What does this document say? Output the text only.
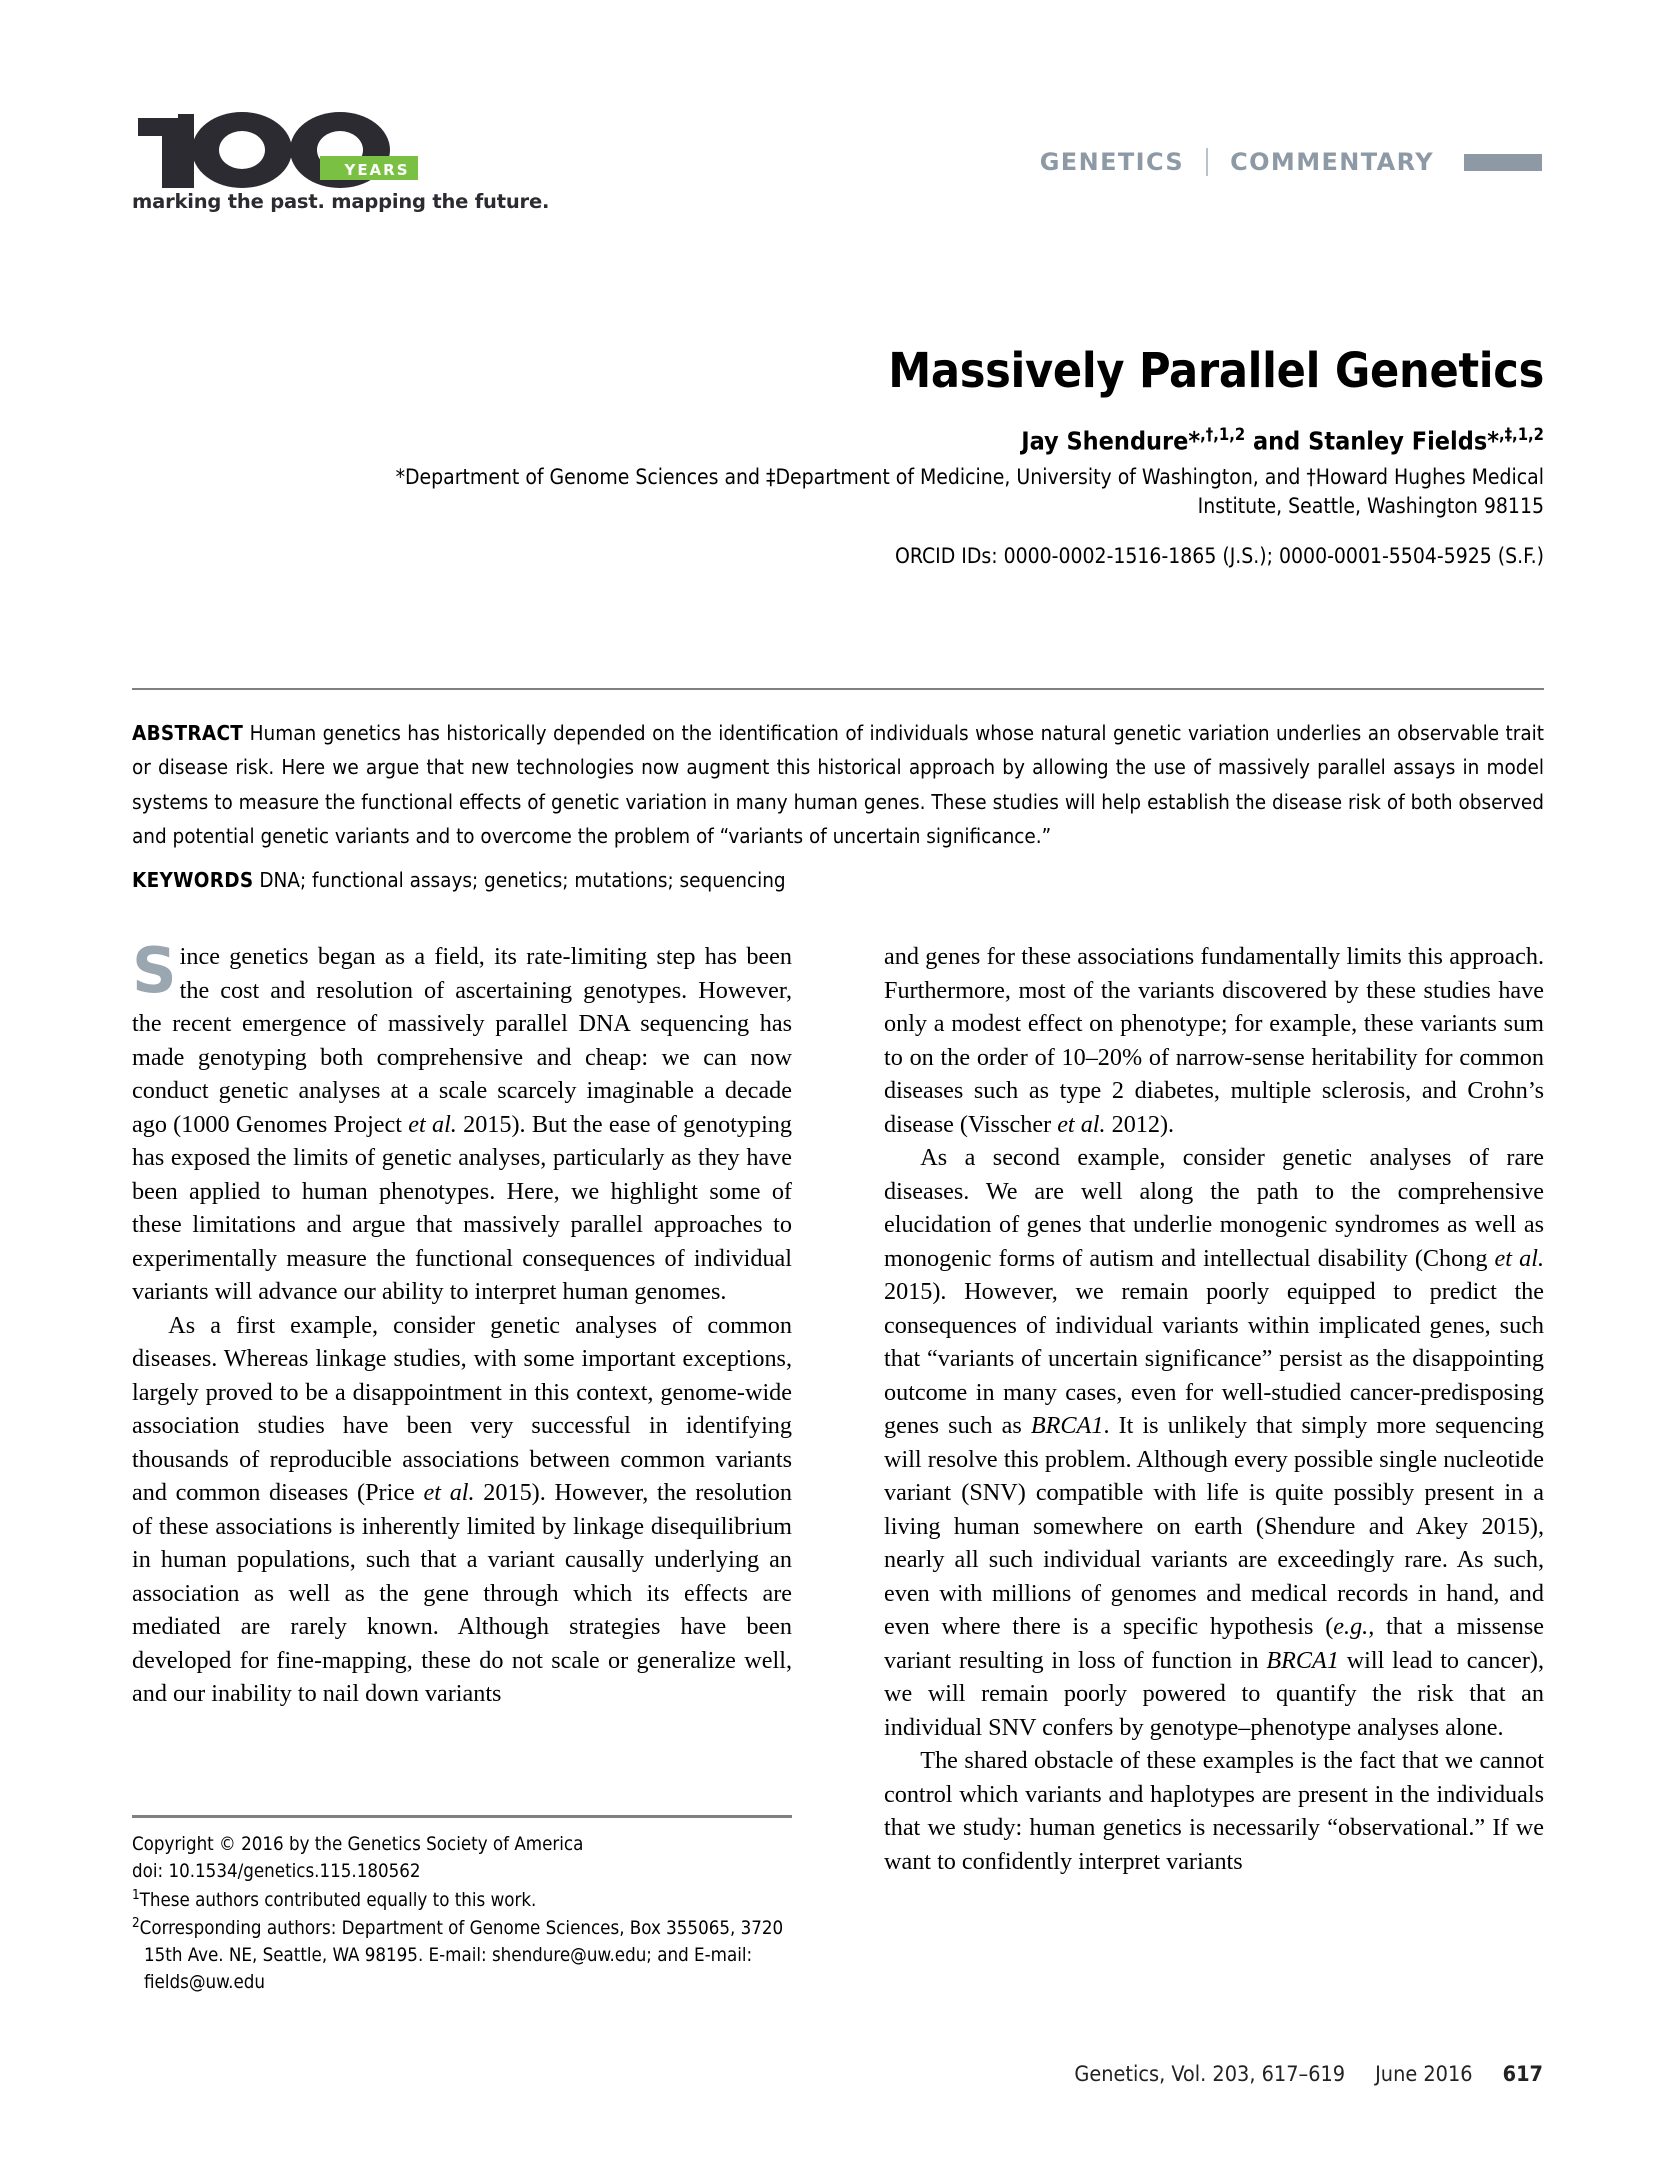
YEARS
marking the past. mapping the future.
GENETICS COMMENTARY
Massively Parallel Genetics
Jay Shendure*$^{,\dagger,1,2}$ and Stanley Fields*$^{,\ddagger,1,2}$
*Department of Genome Sciences and ‡Department of Medicine, University of Washington, and †Howard Hughes Medical
Institute, Seattle, Washington 98115
ORCID IDs: 0000-0002-1516-1865 (J.S.); 0000-0001-5504-5925 (S.F.)
ABSTRACT Human genetics has historically depended on the identification of individuals whose natural genetic variation underlies an observable trait or disease risk. Here we argue that new technologies now augment this historical approach by allowing the use of massively parallel assays in model systems to measure the functional effects of genetic variation in many human genes. These studies will help establish the disease risk of both observed and potential genetic variants and to overcome the problem of “variants of uncertain significance.”
KEYWORDS DNA; functional assays; genetics; mutations; sequencing

Since genetics began as a field, its rate-limiting step has been the cost and resolution of ascertaining genotypes. However, the recent emergence of massively parallel DNA sequencing has made genotyping both comprehensive and cheap: we can now conduct genetic analyses at a scale scarcely imaginable a decade ago (1000 Genomes Project et al. 2015). But the ease of genotyping has exposed the limits of genetic analyses, particularly as they have been applied to human phenotypes. Here, we highlight some of these limitations and argue that massively parallel approaches to experimentally measure the functional consequences of individual variants will advance our ability to interpret human genomes.

As a first example, consider genetic analyses of common diseases. Whereas linkage studies, with some important exceptions, largely proved to be a disappointment in this context, genome-wide association studies have been very successful in identifying thousands of reproducible associations between common variants and common diseases (Price et al. 2015). However, the resolution of these associations is inherently limited by linkage disequilibrium in human populations, such that a variant causally underlying an association as well as the gene through which its effects are mediated are rarely known. Although strategies have been developed for fine-mapping, these do not scale or generalize well, and our inability to nail down variants

and genes for these associations fundamentally limits this approach. Furthermore, most of the variants discovered by these studies have only a modest effect on phenotype; for example, these variants sum to on the order of 10–20% of narrow-sense heritability for common diseases such as type 2 diabetes, multiple sclerosis, and Crohn’s disease (Visscher et al. 2012).

As a second example, consider genetic analyses of rare diseases. We are well along the path to the comprehensive elucidation of genes that underlie monogenic syndromes as well as monogenic forms of autism and intellectual disability (Chong et al. 2015). However, we remain poorly equipped to predict the consequences of individual variants within implicated genes, such that “variants of uncertain significance” persist as the disappointing outcome in many cases, even for well-studied cancer-predisposing genes such as BRCA1. It is unlikely that simply more sequencing will resolve this problem. Although every possible single nucleotide variant (SNV) compatible with life is quite possibly present in a living human somewhere on earth (Shendure and Akey 2015), nearly all such individual variants are exceedingly rare. As such, even with millions of genomes and medical records in hand, and even where there is a specific hypothesis (e.g., that a missense variant resulting in loss of function in BRCA1 will lead to cancer), we will remain poorly powered to quantify the risk that an individual SNV confers by genotype–phenotype analyses alone.

The shared obstacle of these examples is the fact that we cannot control which variants and haplotypes are present in the individuals that we study: human genetics is necessarily “observational.” If we want to confidently interpret variants

Copyright © 2016 by the Genetics Society of America
doi: 10.1534/genetics.115.180562
$^1$These authors contributed equally to this work.
$^2$Corresponding authors: Department of Genome Sciences, Box 355065, 3720 15th Ave. NE, Seattle, WA 98195. E-mail: shendure@uw.edu; and E-mail: fields@uw.edu
Genetics, Vol. 203, 617–619 June 2016 617
